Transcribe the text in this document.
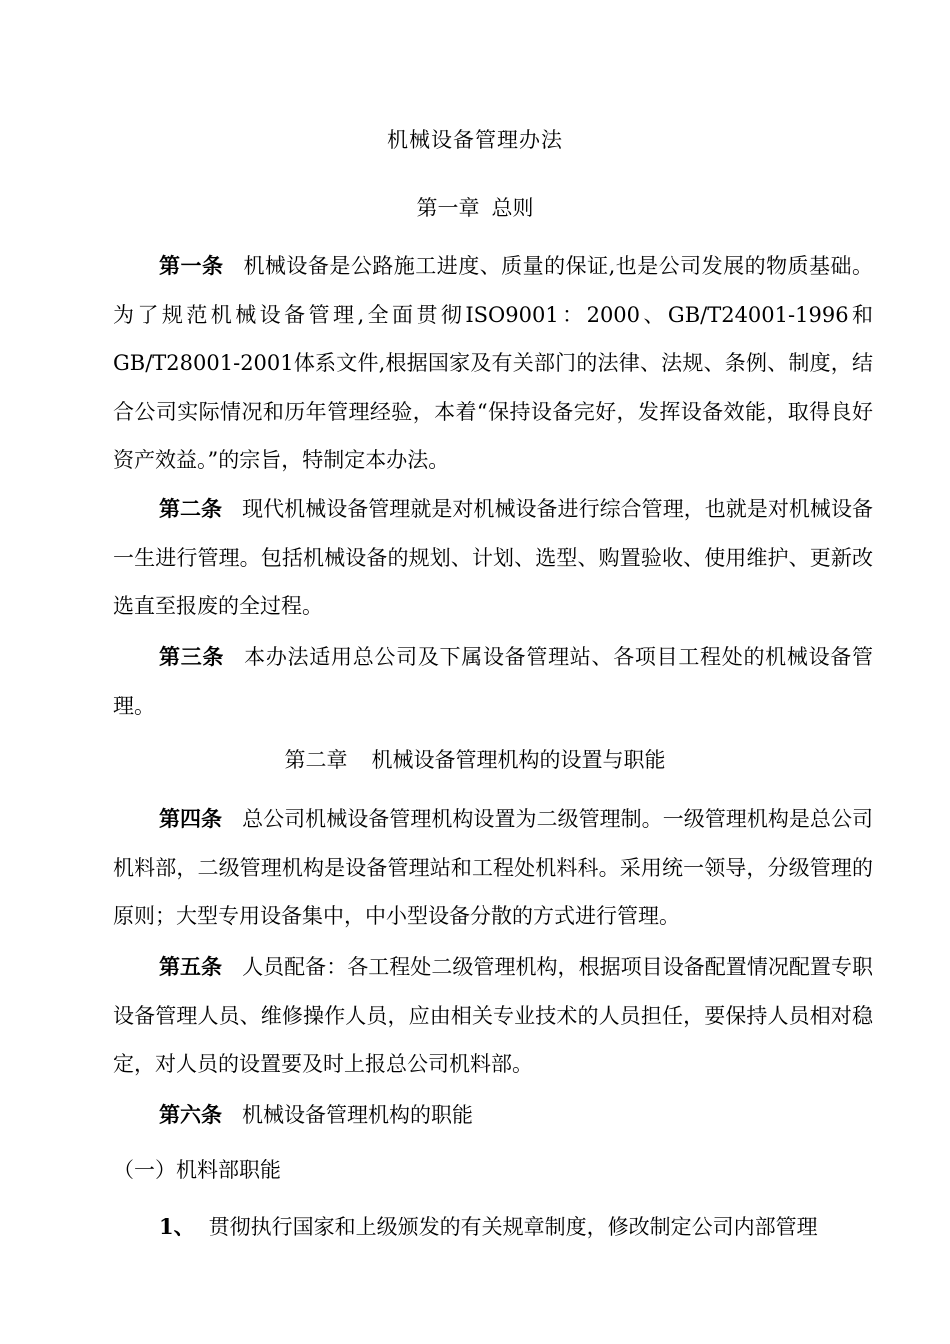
机械设备管理办法
第一章 总则
第一条 机械设备是公路施工进度、质量的保证,也是公司发展的物质基础。为了规范机械设备管理,全面贯彻ISO9001：2000、GB/T24001-1996和GB/T28001-2001体系文件,根据国家及有关部门的法律、法规、条例、制度，结合公司实际情况和历年管理经验，本着“保持设备完好，发挥设备效能，取得良好资产效益。”的宗旨，特制定本办法。
第二条 现代机械设备管理就是对机械设备进行综合管理，也就是对机械设备一生进行管理。包括机械设备的规划、计划、选型、购置验收、使用维护、更新改选直至报废的全过程。
第三条 本办法适用总公司及下属设备管理站、各项目工程处的机械设备管理。
第二章 机械设备管理机构的设置与职能
第四条 总公司机械设备管理机构设置为二级管理制。一级管理机构是总公司机料部，二级管理机构是设备管理站和工程处机料科。采用统一领导，分级管理的原则；大型专用设备集中，中小型设备分散的方式进行管理。
第五条 人员配备：各工程处二级管理机构，根据项目设备配置情况配置专职设备管理人员、维修操作人员，应由相关专业技术的人员担任，要保持人员相对稳定，对人员的设置要及时上报总公司机料部。
第六条 机械设备管理机构的职能
（一）机料部职能
1、 贯彻执行国家和上级颁发的有关规章制度，修改制定公司内部管理
